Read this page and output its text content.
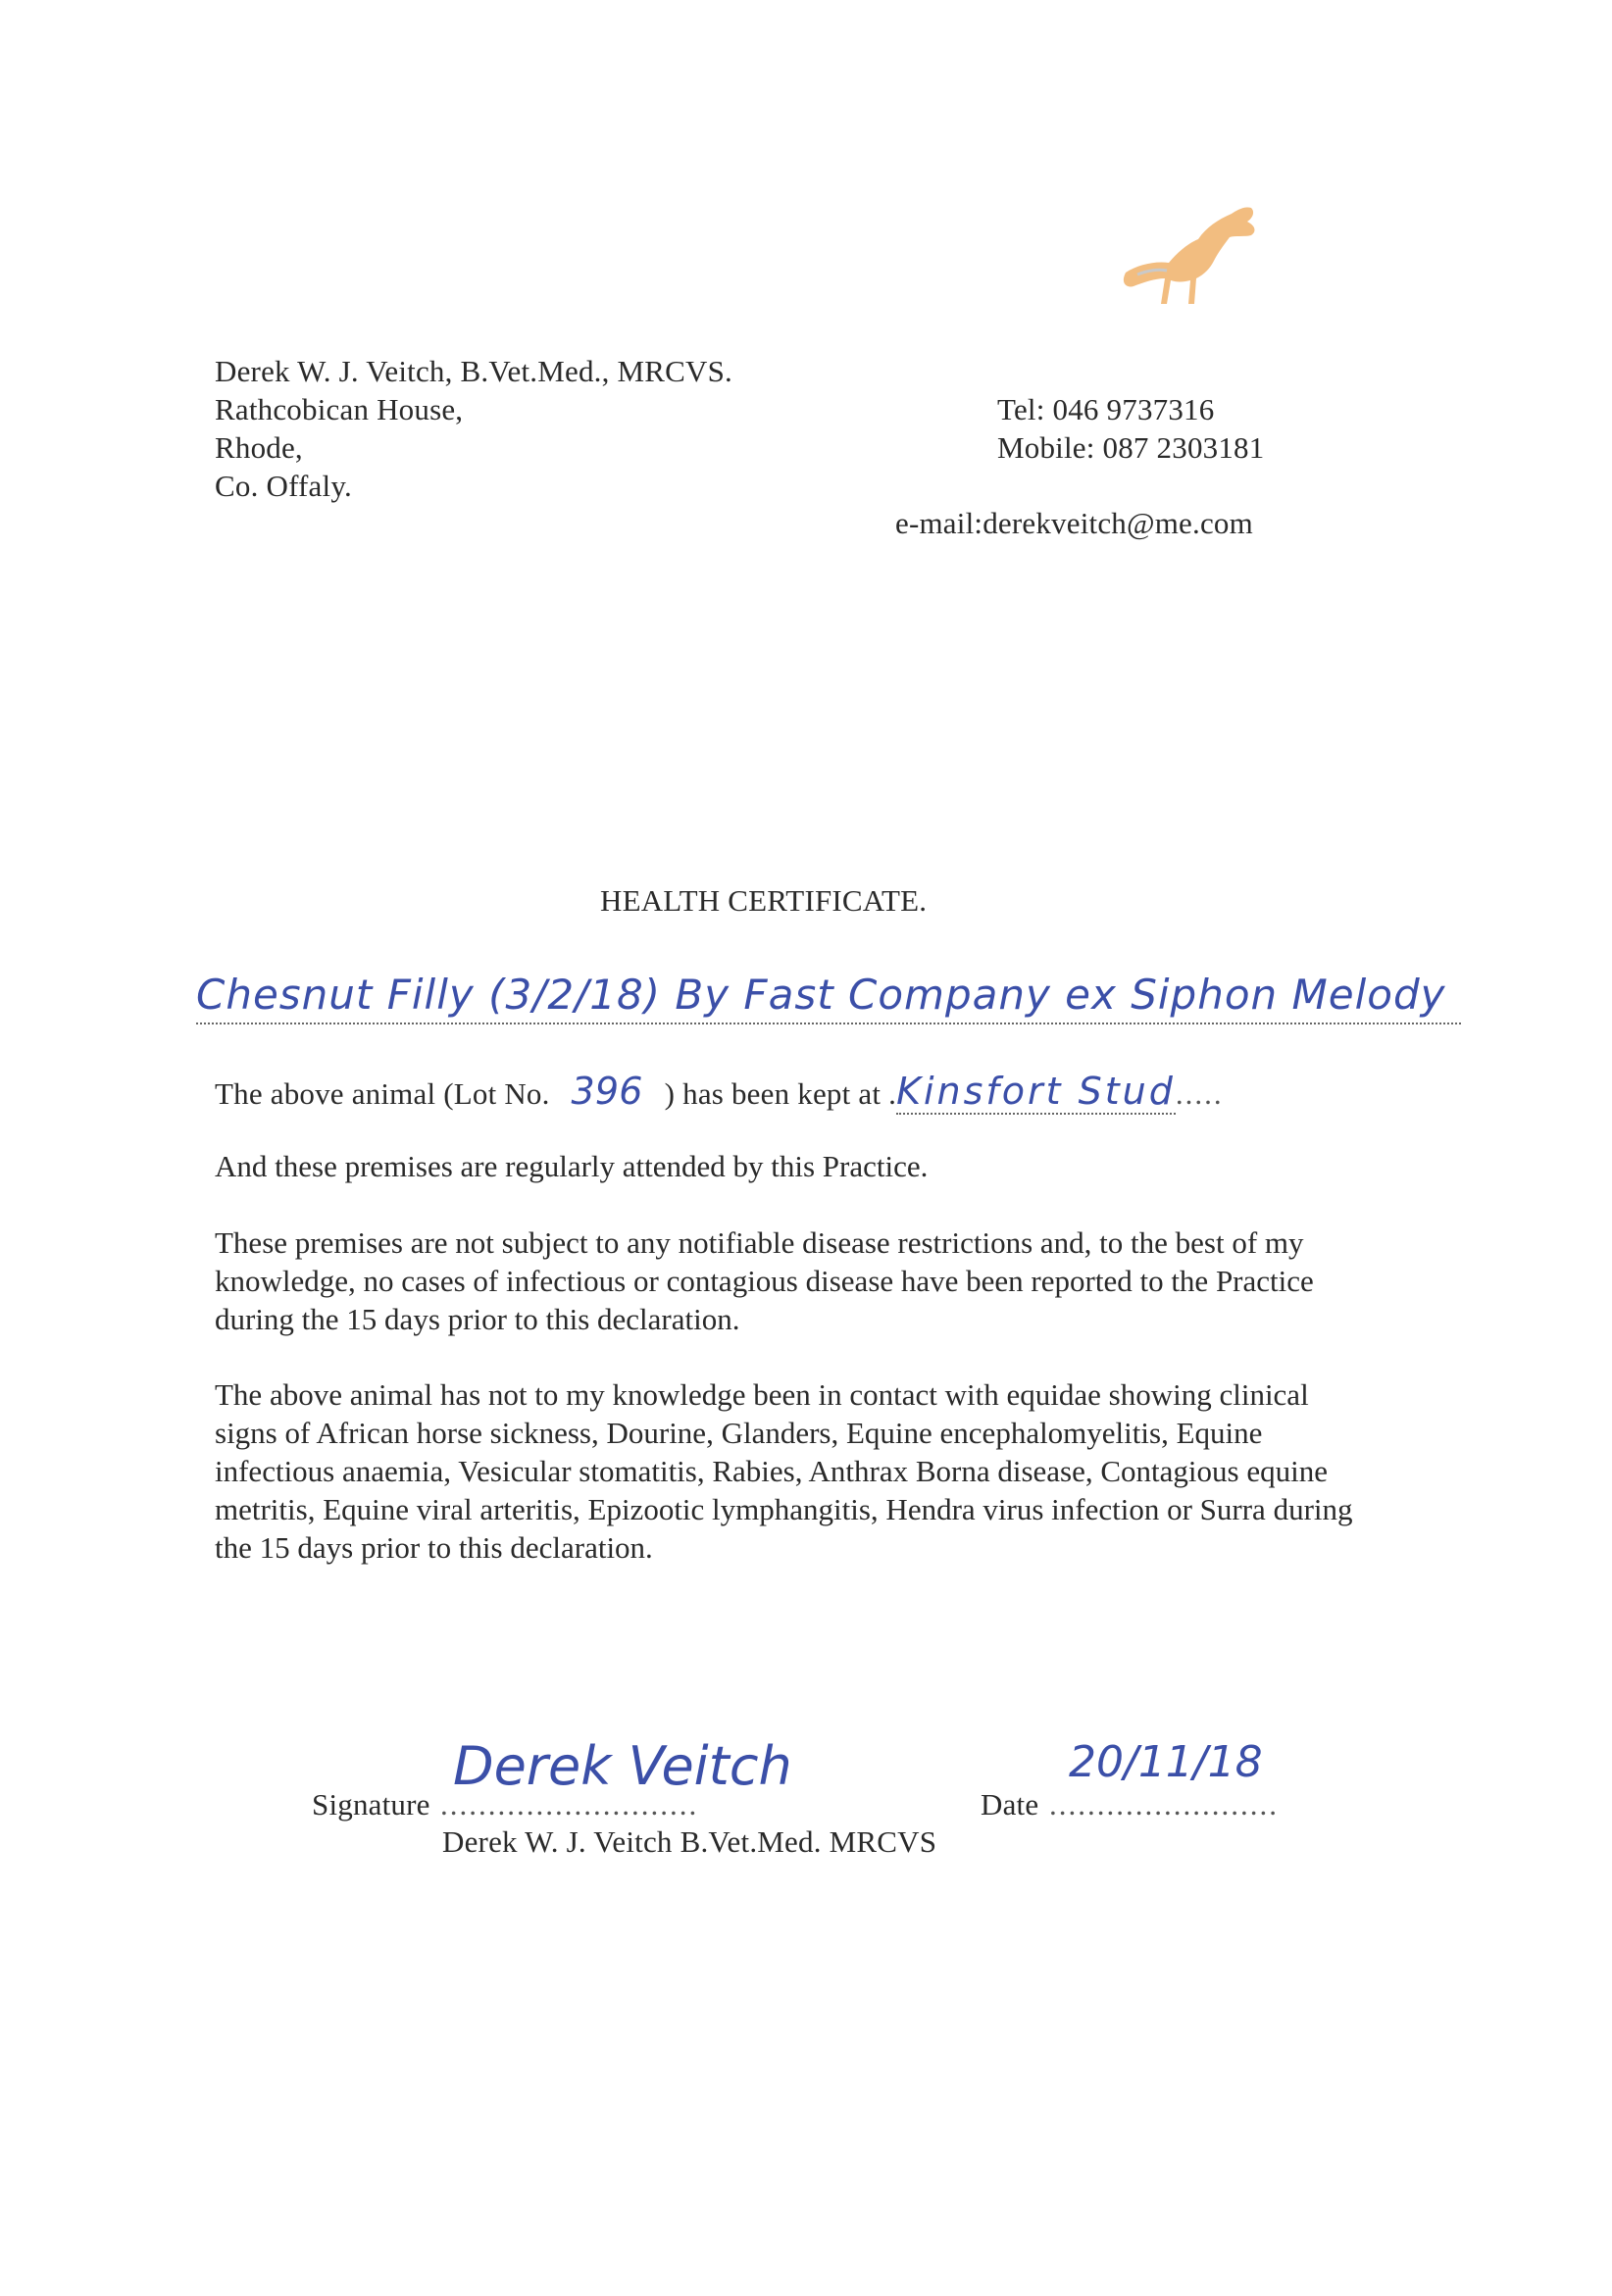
Derek W. J. Veitch, B.Vet.Med., MRCVS.
Rathcobican House,
Rhode,
Co. Offaly.
Tel: 046 9737316
Mobile: 087 2303181
e-mail:derekveitch@me.com
HEALTH CERTIFICATE.
Chesnut Filly (3/2/18) By Fast Company ex Siphon Melody
The above animal (Lot No. 396 ) has been kept at .Kinsfort Stud.....
And these premises are regularly attended by this Practice.
These premises are not subject to any notifiable disease restrictions and, to the best of my knowledge, no cases of infectious or contagious disease have been reported to the Practice during the 15 days prior to this declaration.
The above animal has not to my knowledge been in contact with equidae showing clinical signs of African horse sickness, Dourine, Glanders, Equine encephalomyelitis, Equine infectious anaemia, Vesicular stomatitis, Rabies, Anthrax Borna disease, Contagious equine metritis, Equine viral arteritis, Epizootic lymphangitis, Hendra virus infection or Surra during the 15 days prior to this declaration.
Signature ...........................
Derek Veitch
Date ........................
20/11/18
Derek W. J. Veitch B.Vet.Med. MRCVS
